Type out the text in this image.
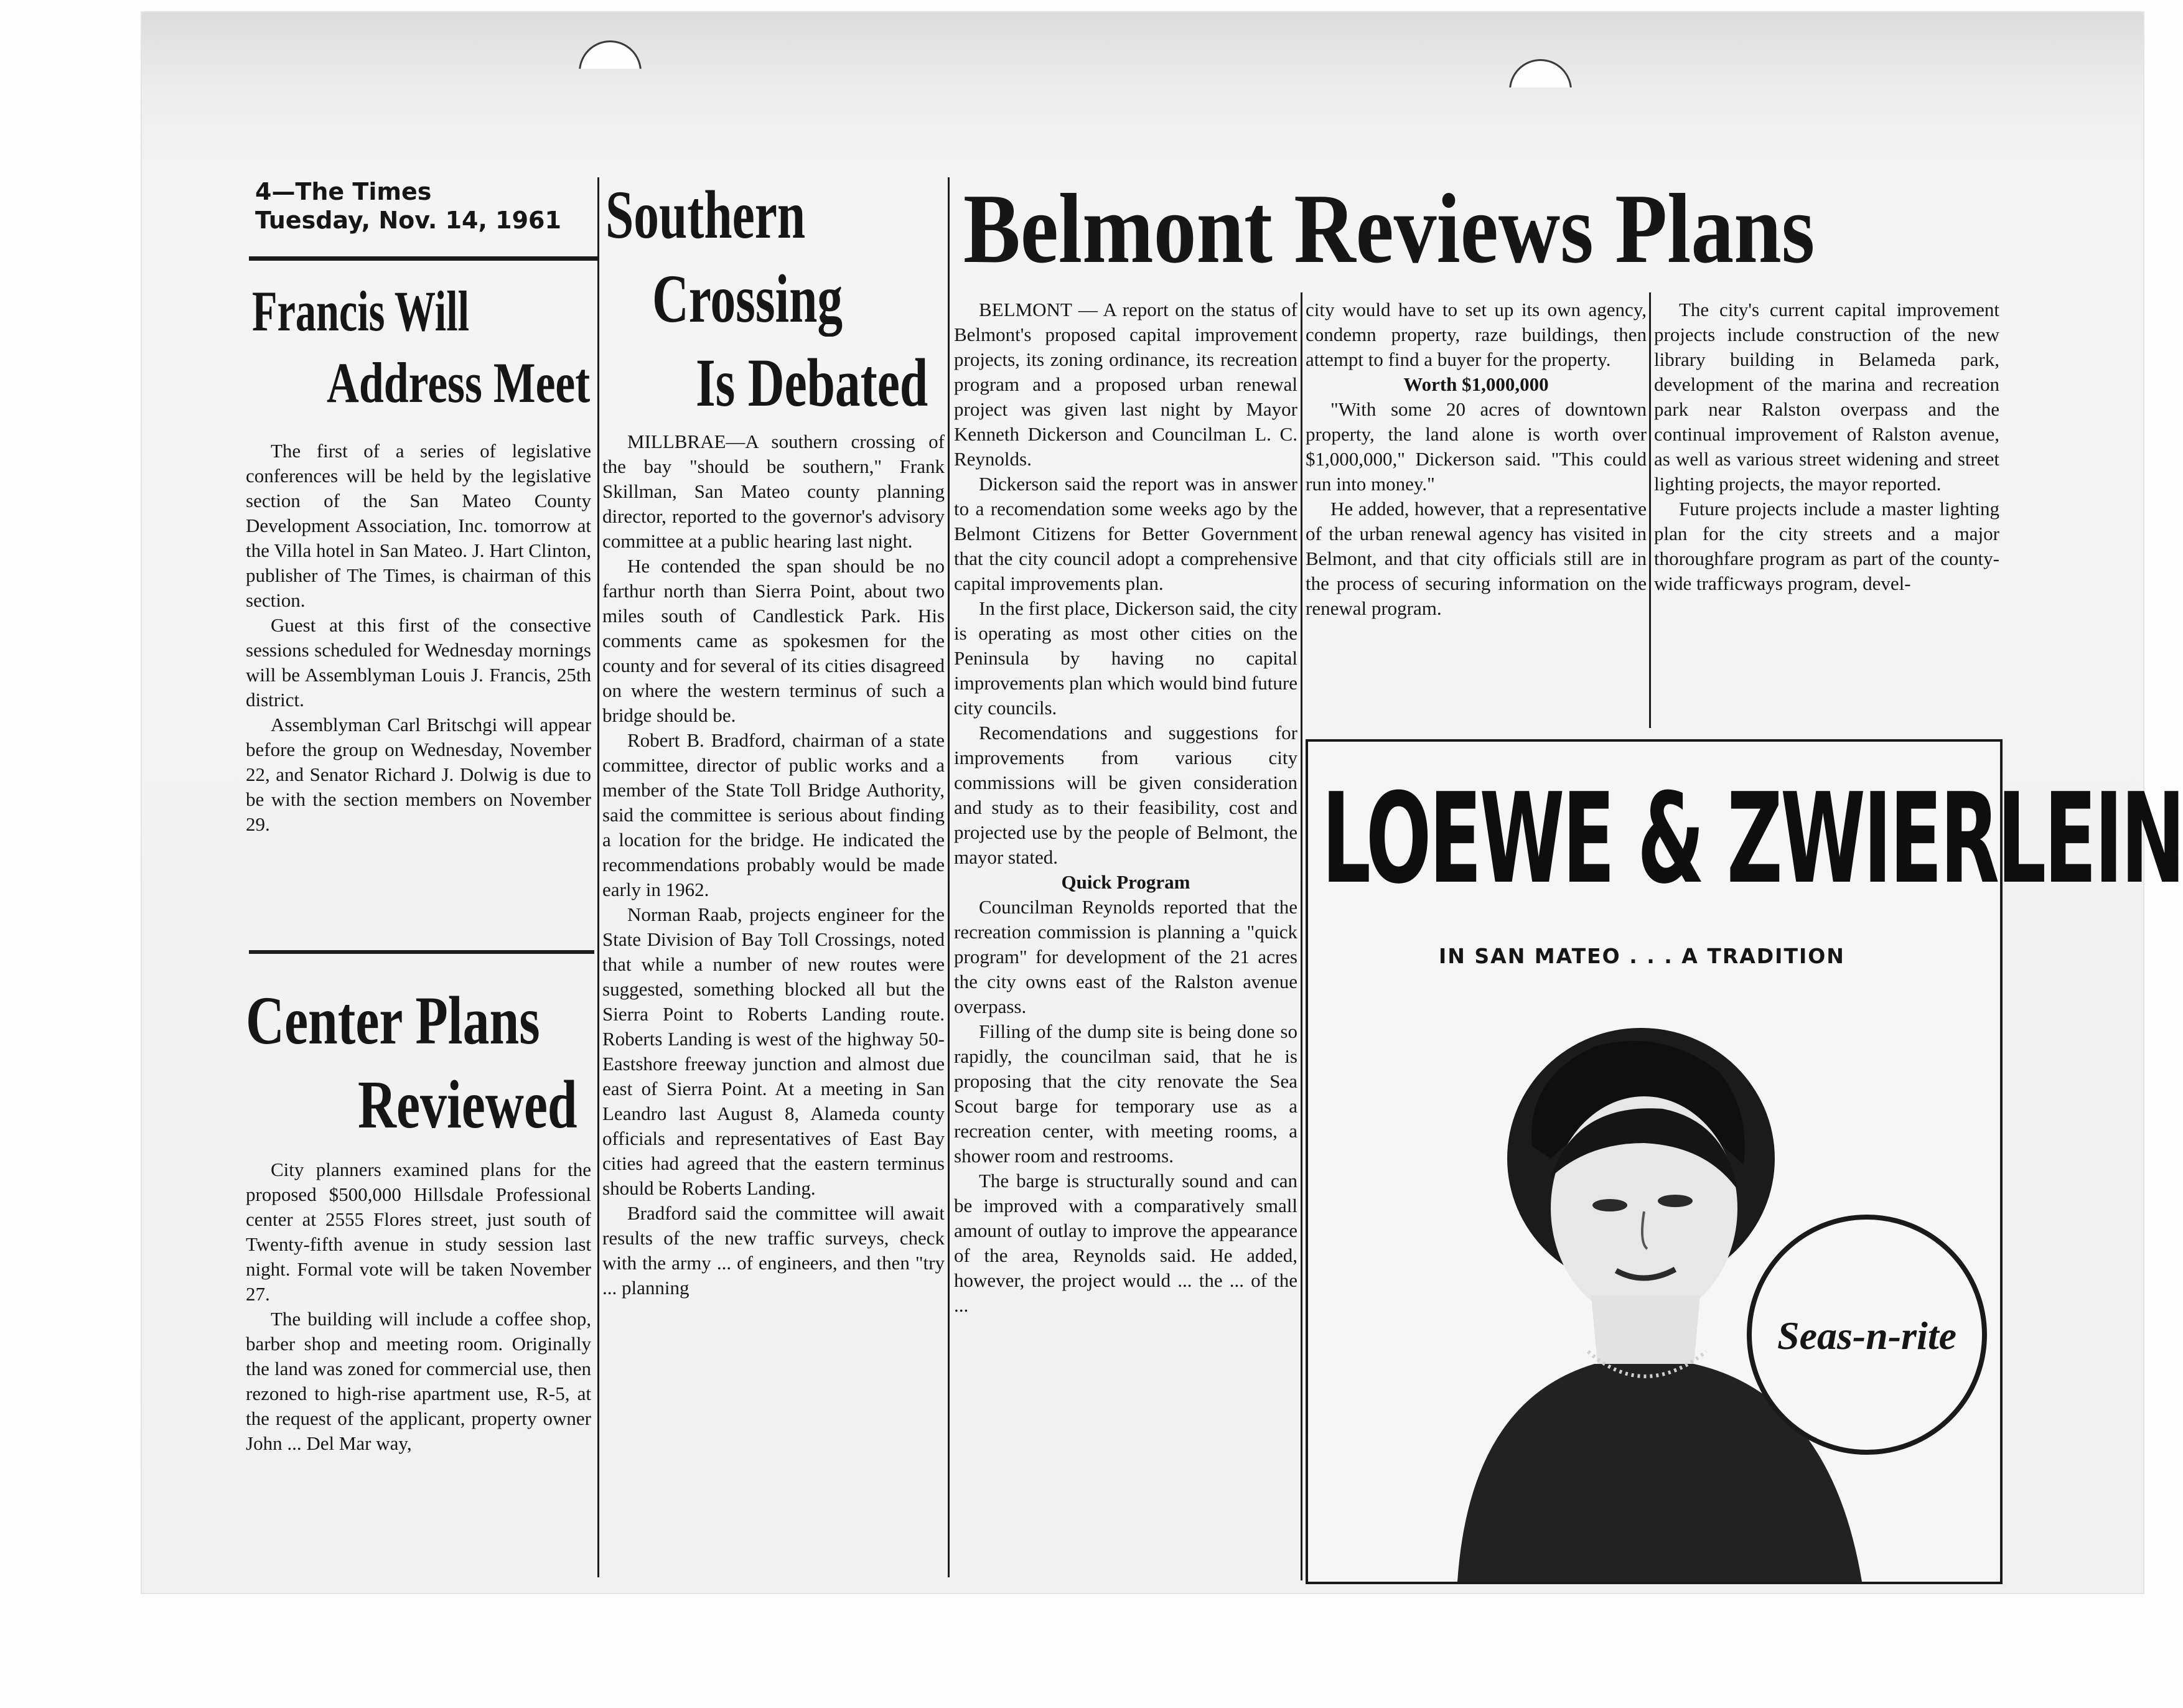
4—The Times
Tuesday, Nov. 14, 1961
Francis Will
Address Meet

The first of a series of legislative conferences will be held by the legislative section of the San Mateo County Development Association, Inc. tomorrow at the Villa hotel in San Mateo. J. Hart Clinton, publisher of The Times, is chairman of this section.

Guest at this first of the consective sessions scheduled for Wednesday mornings will be Assemblyman Louis J. Francis, 25th district.

Assemblyman Carl Britschgi will appear before the group on Wednesday, November 22, and Senator Richard J. Dolwig is due to be with the section members on November 29.

Center Plans
Reviewed

City planners examined plans for the proposed $500,000 Hillsdale Professional center at 2555 Flores street, just south of Twenty-fifth avenue in study session last night. Formal vote will be taken November 27.

The building will include a coffee shop, barber shop and meeting room. Originally the land was zoned for commercial use, then rezoned to high-rise apartment use, R-5, at the request of the applicant, property owner John ... Del Mar way,

Southern
Crossing
Is Debated

MILLBRAE—A southern crossing of the bay "should be southern," Frank Skillman, San Mateo county planning director, reported to the governor's advisory committee at a public hearing last night.

He contended the span should be no farthur north than Sierra Point, about two miles south of Candlestick Park. His comments came as spokesmen for the county and for several of its cities disagreed on where the western terminus of such a bridge should be.

Robert B. Bradford, chairman of a state committee, director of public works and a member of the State Toll Bridge Authority, said the committee is serious about finding a location for the bridge. He indicated the recommendations probably would be made early in 1962.

Norman Raab, projects engineer for the State Division of Bay Toll Crossings, noted that while a number of new routes were suggested, something blocked all but the Sierra Point to Roberts Landing route. Roberts Landing is west of the highway 50-Eastshore freeway junction and almost due east of Sierra Point. At a meeting in San Leandro last August 8, Alameda county officials and representatives of East Bay cities had agreed that the eastern terminus should be Roberts Landing.

Bradford said the committee will await results of the new traffic surveys, check with the army ... of engineers, and then "try ... planning

Belmont Reviews Plans

BELMONT — A report on the status of Belmont's proposed capital improvement projects, its zoning ordinance, its recreation program and a proposed urban renewal project was given last night by Mayor Kenneth Dickerson and Councilman L. C. Reynolds.

Dickerson said the report was in answer to a recomendation some weeks ago by the Belmont Citizens for Better Government that the city council adopt a comprehensive capital improvements plan.

In the first place, Dickerson said, the city is operating as most other cities on the Peninsula by having no capital improvements plan which would bind future city councils.

Recomendations and suggestions for improvements from various city commissions will be given consideration and study as to their feasibility, cost and projected use by the people of Belmont, the mayor stated.

Quick Program

Councilman Reynolds reported that the recreation commission is planning a "quick program" for development of the 21 acres the city owns east of the Ralston avenue overpass.

Filling of the dump site is being done so rapidly, the councilman said, that he is proposing that the city renovate the Sea Scout barge for temporary use as a recreation center, with meeting rooms, a shower room and restrooms.

The barge is structurally sound and can be improved with a comparatively small amount of outlay to improve the appearance of the area, Reynolds said. He added, however, the project would ... the ... of the ...

city would have to set up its own agency, condemn property, raze buildings, then attempt to find a buyer for the property.

Worth $1,000,000

"With some 20 acres of downtown property, the land alone is worth over $1,000,000," Dickerson said. "This could run into money."

He added, however, that a representative of the urban renewal agency has visited in Belmont, and that city officials still are in the process of securing information on the renewal program.

The city's current capital improvement projects include construction of the new library building in Belameda park, development of the marina and recreation park near Ralston overpass and the continual improvement of Ralston avenue, as well as various street widening and street lighting projects, the mayor reported.

Future projects include a master lighting plan for the city streets and a major thoroughfare program as part of the county-wide trafficways program, devel-

LOEWE & ZWIERLEIN
IN SAN MATEO . . . A TRADITION
Seas-n-rite
